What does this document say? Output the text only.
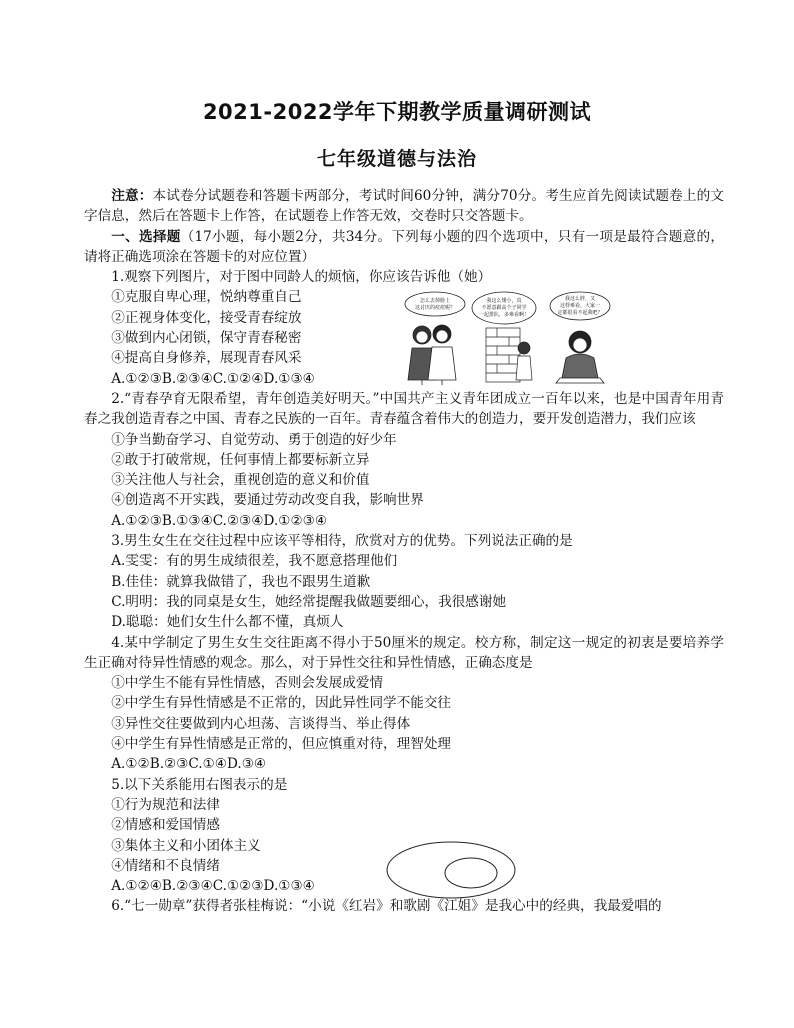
2021-2022学年下期教学质量调研测试
七年级道德与法治

注意：本试卷分试题卷和答题卡两部分，考试时间60分钟，满分70分。考生应首先阅读试题卷上的文字信息，然后在答题卡上作答，在试题卷上作答无效，交卷时只交答题卡。

一、选择题（17小题，每小题2分，共34分。下列每小题的四个选项中，只有一项是最符合题意的，请将正确选项涂在答题卡的对应位置）

1.观察下列图片，对于图中同龄人的烦恼，你应该告诉他（她）

①克服自卑心理，悦纳尊重自己

②正视身体变化，接受青春绽放

③做到内心闭锁，保守青春秘密

④提高自身修养，展现青春风采

A.①②③B.②③④C.①②④D.①③④

2.“青春孕育无限希望，青年创造美好明天。”中国共产主义青年团成立一百年以来，也是中国青年用青春之我创造青春之中国、青春之民族的一百年。青春蕴含着伟大的创造力，要开发创造潜力，我们应该

①争当勤奋学习、自觉劳动、勇于创造的好少年

②敢于打破常规，任何事情上都要标新立异

③关注他人与社会，重视创造的意义和价值

④创造离不开实践，要通过劳动改变自我，影响世界

A.①②③B.①③④C.②③④D.①②③④

3.男生女生在交往过程中应该平等相待，欣赏对方的优势。下列说法正确的是

A.雯雯：有的男生成绩很差，我不愿意搭理他们

B.佳佳：就算我做错了，我也不跟男生道歉

C.明明：我的同桌是女生，她经常提醒我做题要细心，我很感谢她

D.聪聪：她们女生什么都不懂，真烦人

4.某中学制定了男生女生交往距离不得小于50厘米的规定。校方称，制定这一规定的初衷是要培养学生正确对待异性情感的观念。那么，对于异性交往和异性情感，正确态度是

①中学生不能有异性情感，否则会发展成爱情

②中学生有异性情感是不正常的，因此异性同学不能交往

③异性交往要做到内心坦荡、言谈得当、举止得体

④中学生有异性情感是正常的，但应慎重对待，理智处理

A.①②B.②③C.①④D.③④

5.以下关系能用右图表示的是

①行为规范和法律

②情感和爱国情感

③集体主义和小团体主义

④情绪和不良情绪

A.①②④B.②③④C.①②③D.①③④

6.“七一勋章”获得者张桂梅说：“小说《红岩》和歌剧《江姐》是我心中的经典，我最爱唱的

怎么去掉脸上
这讨厌的痘痘呢？
我这么矮小，真
不愿意跟高个子同学
一起排队，多难看啊！
我这么胖，又
这样难看，大家一
定都很看不起我吧？
